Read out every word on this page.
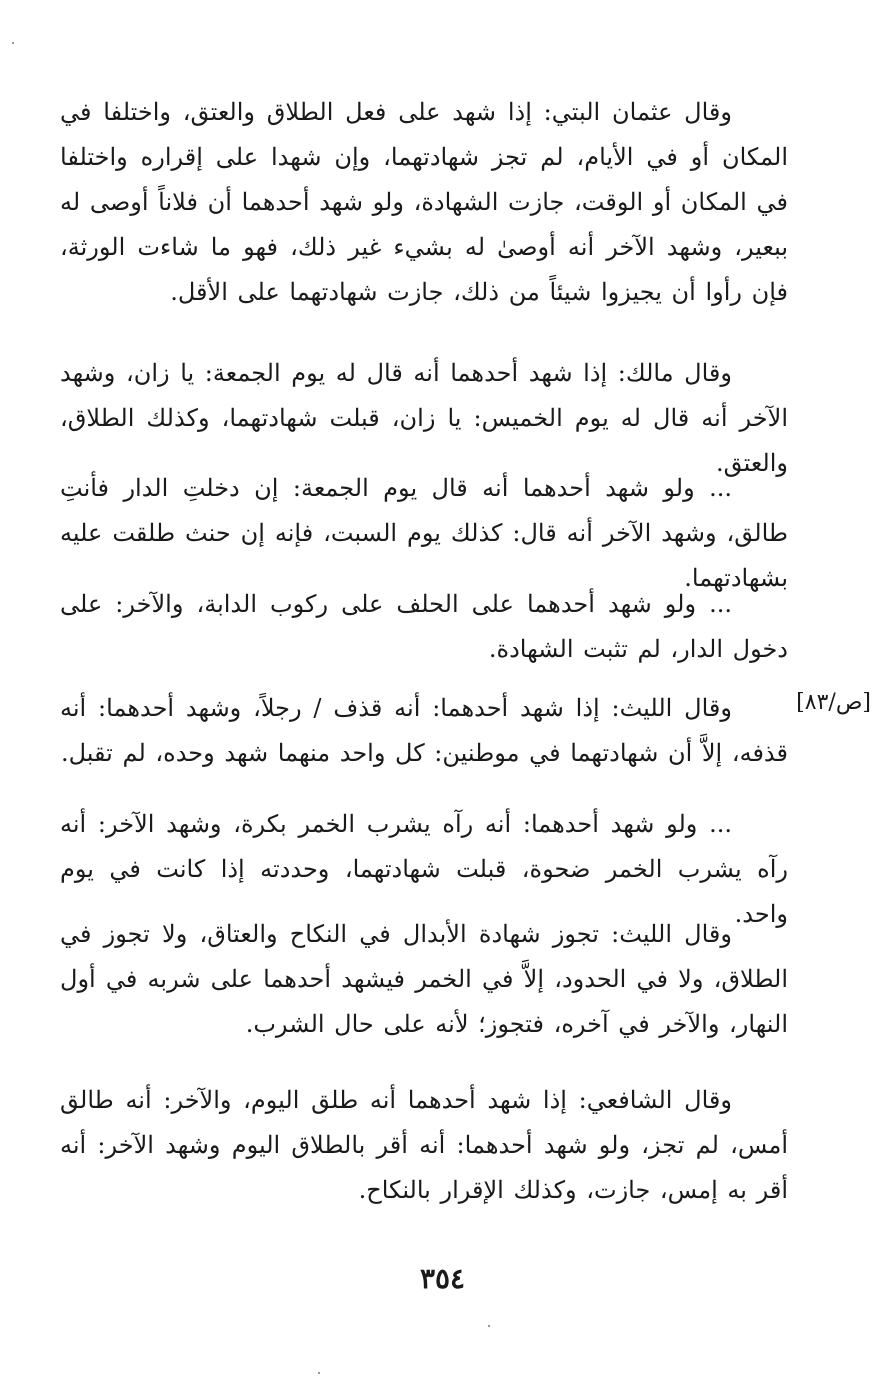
وقال عثمان البتي: إذا شهد على فعل الطلاق والعتق، واختلفا في المكان أو في الأيام، لم تجز شهادتهما، وإن شهدا على إقراره واختلفا في المكان أو الوقت، جازت الشهادة، ولو شهد أحدهما أن فلاناً أوصى له ببعير، وشهد الآخر أنه أوصىٰ له بشيء غير ذلك، فهو ما شاءت الورثة، فإن رأوا أن يجيزوا شيئاً من ذلك، جازت شهادتهما على الأقل.

وقال مالك: إذا شهد أحدهما أنه قال له يوم الجمعة: يا زان، وشهد الآخر أنه قال له يوم الخميس: يا زان، قبلت شهادتهما، وكذلك الطلاق، والعتق.

... ولو شهد أحدهما أنه قال يوم الجمعة: إن دخلتِ الدار فأنتِ طالق، وشهد الآخر أنه قال: كذلك يوم السبت، فإنه إن حنث طلقت عليه بشهادتهما.

... ولو شهد أحدهما على الحلف على ركوب الدابة، والآخر: على دخول الدار، لم تثبت الشهادة.

[ص/٨٣]

وقال الليث: إذا شهد أحدهما: أنه قذف / رجلاً، وشهد أحدهما: أنه قذفه، إلاَّ أن شهادتهما في موطنين: كل واحد منهما شهد وحده، لم تقبل.

... ولو شهد أحدهما: أنه رآه يشرب الخمر بكرة، وشهد الآخر: أنه رآه يشرب الخمر ضحوة، قبلت شهادتهما، وحددته إذا كانت في يوم واحد.

وقال الليث: تجوز شهادة الأبدال في النكاح والعتاق، ولا تجوز في الطلاق، ولا في الحدود، إلاَّ في الخمر فيشهد أحدهما على شربه في أول النهار، والآخر في آخره، فتجوز؛ لأنه على حال الشرب.

وقال الشافعي: إذا شهد أحدهما أنه طلق اليوم، والآخر: أنه طالق أمس، لم تجز، ولو شهد أحدهما: أنه أقر بالطلاق اليوم وشهد الآخر: أنه أقر به إمس، جازت، وكذلك الإقرار بالنكاح.

٣٥٤
